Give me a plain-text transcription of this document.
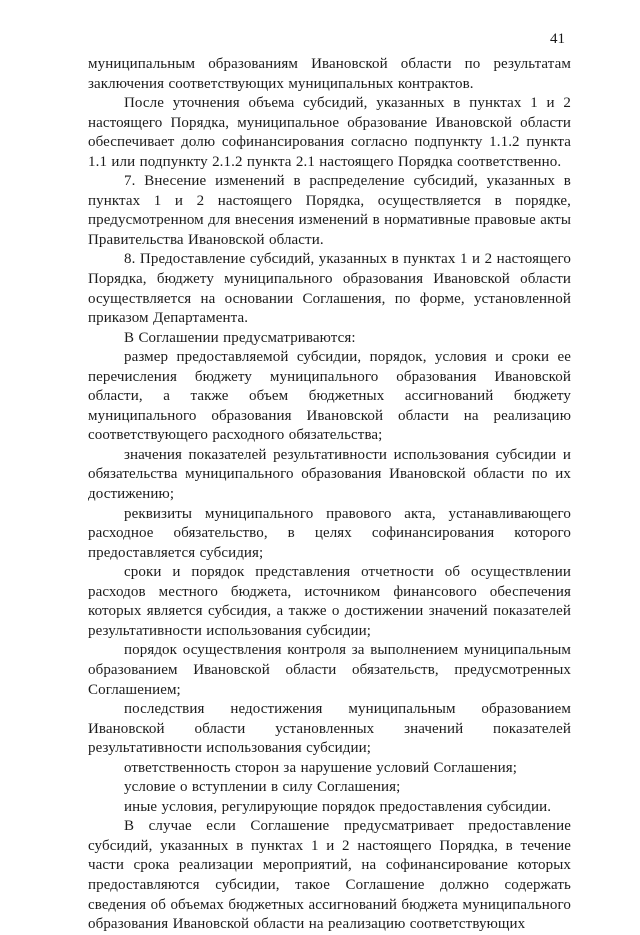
41

муниципальным образованиям Ивановской области по результатам заключения соответствующих муниципальных контрактов.

После уточнения объема субсидий, указанных в пунктах 1 и 2 настоящего Порядка, муниципальное образование Ивановской области обеспечивает долю софинансирования согласно подпункту 1.1.2 пункта 1.1 или подпункту 2.1.2 пункта 2.1 настоящего Порядка соответственно.

7. Внесение изменений в распределение субсидий, указанных в пунктах 1 и 2 настоящего Порядка, осуществляется в порядке, предусмотренном для внесения изменений в нормативные правовые акты Правительства Ивановской области.

8. Предоставление субсидий, указанных в пунктах 1 и 2 настоящего Порядка, бюджету муниципального образования Ивановской области осуществляется на основании Соглашения, по форме, установленной приказом Департамента.

В Соглашении предусматриваются:

размер предоставляемой субсидии, порядок, условия и сроки ее перечисления бюджету муниципального образования Ивановской области, а также объем бюджетных ассигнований бюджету муниципального образования Ивановской области на реализацию соответствующего расходного обязательства;

значения показателей результативности использования субсидии и обязательства муниципального образования Ивановской области по их достижению;

реквизиты муниципального правового акта, устанавливающего расходное обязательство, в целях софинансирования которого предоставляется субсидия;

сроки и порядок представления отчетности об осуществлении расходов местного бюджета, источником финансового обеспечения которых является субсидия, а также о достижении значений показателей результативности использования субсидии;

порядок осуществления контроля за выполнением муниципальным образованием Ивановской области обязательств, предусмотренных Соглашением;

последствия недостижения муниципальным образованием Ивановской области установленных значений показателей результативности использования субсидии;

ответственность сторон за нарушение условий Соглашения;

условие о вступлении в силу Соглашения;

иные условия, регулирующие порядок предоставления субсидии.

В случае если Соглашение предусматривает предоставление субсидий, указанных в пунктах 1 и 2 настоящего Порядка, в течение части срока реализации мероприятий, на софинансирование которых предоставляются субсидии, такое Соглашение должно содержать сведения об объемах бюджетных ассигнований бюджета муниципального образования Ивановской области на реализацию соответствующих
